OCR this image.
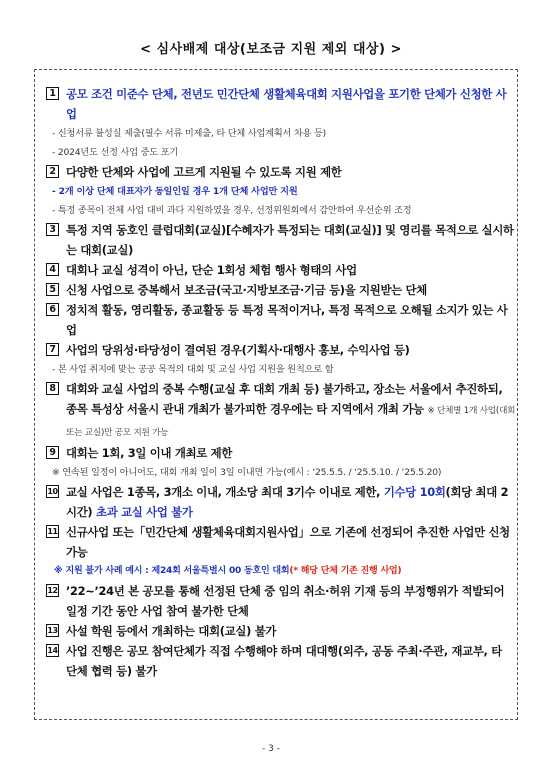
< 심사배제 대상(보조금 지원 제외 대상) >
1 공모 조건 미준수 단체, 전년도 민간단체 생활체육대회 지원사업을 포기한 단체가 신청한 사업
- 신청서류 불성실 제출(필수 서류 미제출, 타 단체 사업계획서 차용 등)
- 2024년도 선정 사업 중도 포기
2 다양한 단체와 사업에 고르게 지원될 수 있도록 지원 제한
- 2개 이상 단체 대표자가 동일인일 경우 1개 단체 사업만 지원
- 특정 종목이 전체 사업 대비 과다 지원하였을 경우, 선정위원회에서 감안하여 우선순위 조정
3 특정 지역 동호인 클럽대회(교실)[수혜자가 특정되는 대회(교실)] 및 영리를 목적으로 실시하는 대회(교실)
4 대회나 교실 성격이 아닌, 단순 1회성 체험 행사 형태의 사업
5 신청 사업으로 중복해서 보조금(국고·지방보조금·기금 등)을 지원받는 단체
6 정치적 활동, 영리활동, 종교활동 등 특정 목적이거나, 특정 목적으로 오해될 소지가 있는 사업
7 사업의 당위성·타당성이 결여된 경우(기획사·대행사 홍보, 수익사업 등)
- 본 사업 취지에 맞는 공공 목적의 대회 및 교실 사업 지원을 원칙으로 함
8 대회와 교실 사업의 중복 수행(교실 후 대회 개최 등) 불가하고, 장소는 서울에서 추진하되, 종목 특성상 서울시 관내 개최가 불가피한 경우에는 타 지역에서 개최 가능 ※ 단체별 1개 사업(대회 또는 교실)만 공모 지원 가능
9 대회는 1회, 3일 이내 개최로 제한
※ 연속된 일정이 아니어도, 대회 개최 일이 3일 이내면 가능(예시 : ‘25.5.5. / ‘25.5.10. / ‘25.5.20)
10 교실 사업은 1종목, 3개소 이내, 개소당 최대 3기수 이내로 제한, 기수당 10회(회당 최대 2시간) 초과 교실 사업 불가
11 신규사업 또는「민간단체 생활체육대회지원사업」으로 기존에 선정되어 추진한 사업만 신청 가능
※ 지원 불가 사례 예시 : 제24회 서울특별시 00 동호인 대회(* 해당 단체 기존 진행 사업)
12 ’22~’24년 본 공모를 통해 선정된 단체 중 임의 취소·허위 기재 등의 부정행위가 적발되어 일정 기간 동안 사업 참여 불가한 단체
13 사설 학원 등에서 개최하는 대회(교실) 불가
14 사업 진행은 공모 참여단체가 직접 수행해야 하며 대대행(외주, 공동 주최·주관, 재교부, 타 단체 협력 등) 불가
- 3 -
